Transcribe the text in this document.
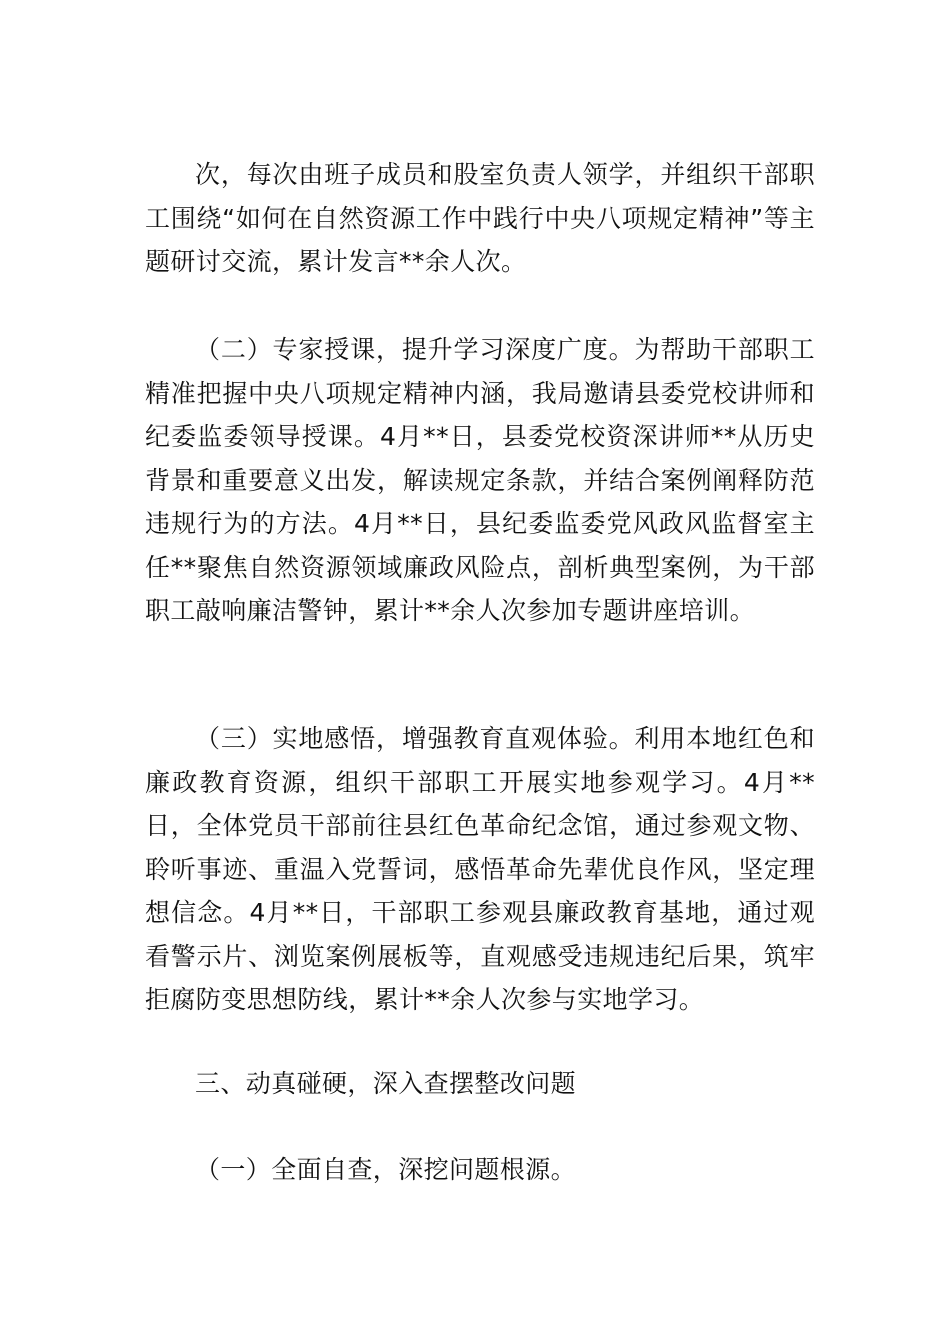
次，每次由班子成员和股室负责人领学，并组织干部职工围绕“如何在自然资源工作中践行中央八项规定精神”等主题研讨交流，累计发言**余人次。

（二）专家授课，提升学习深度广度。为帮助干部职工精准把握中央八项规定精神内涵，我局邀请县委党校讲师和纪委监委领导授课。4月**日，县委党校资深讲师**从历史背景和重要意义出发，解读规定条款，并结合案例阐释防范违规行为的方法。4月**日，县纪委监委党风政风监督室主任**聚焦自然资源领域廉政风险点，剖析典型案例，为干部职工敲响廉洁警钟，累计**余人次参加专题讲座培训。

（三）实地感悟，增强教育直观体验。利用本地红色和廉政教育资源，组织干部职工开展实地参观学习。4月**日，全体党员干部前往县红色革命纪念馆，通过参观文物、聆听事迹、重温入党誓词，感悟革命先辈优良作风，坚定理想信念。4月**日，干部职工参观县廉政教育基地，通过观看警示片、浏览案例展板等，直观感受违规违纪后果，筑牢拒腐防变思想防线，累计**余人次参与实地学习。

三、动真碰硬，深入查摆整改问题

（一）全面自查，深挖问题根源。
